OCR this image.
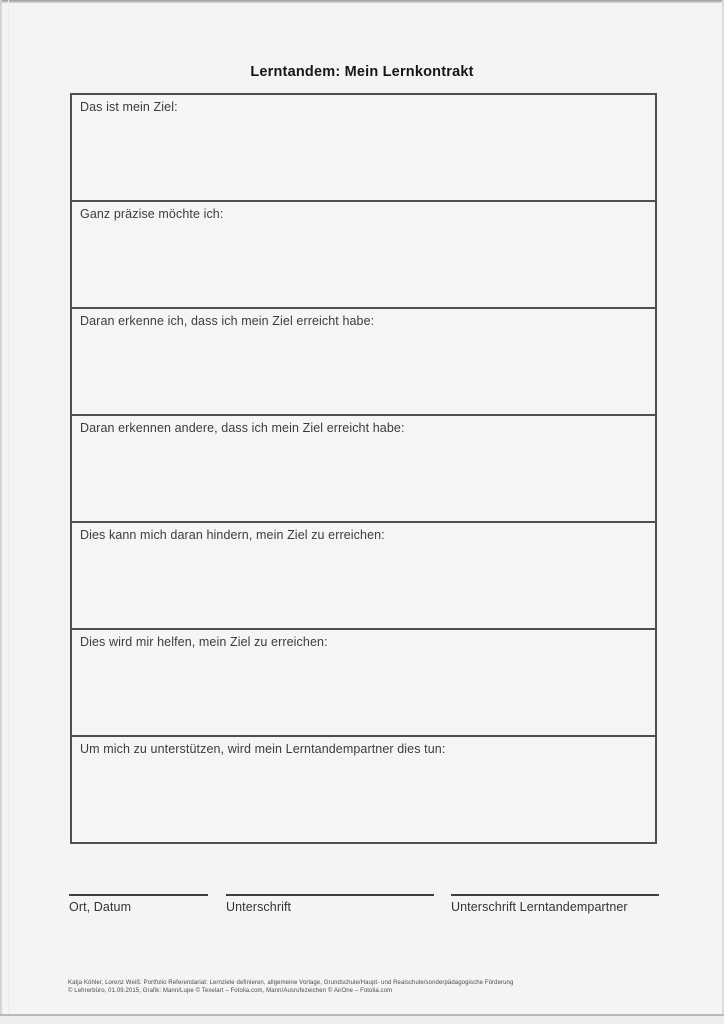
Lerntandem: Mein Lernkontrakt
Das ist mein Ziel:
Ganz präzise möchte ich:
Daran erkenne ich, dass ich mein Ziel erreicht habe:
Daran erkennen andere, dass ich mein Ziel erreicht habe:
Dies kann mich daran hindern, mein Ziel zu erreichen:
Dies wird mir helfen, mein Ziel zu erreichen:
Um mich zu unterstützen, wird mein Lerntandempartner dies tun:
Ort, Datum	Unterschrift	Unterschrift Lerntandempartner
Katja Köhler, Lorenz Weiß: Portfolio Referendariat: Lernziele definieren, allgemeine Vorlage, Grundschule/Haupt- und Realschule/sonderpädagogische Förderung
© Lehrerbüro, 01.09.2015, Grafik: Mann/Lupe © Texelart – Fotolia.com, Mann/Ausrufezeichen © AirOne – Fotolia.com
